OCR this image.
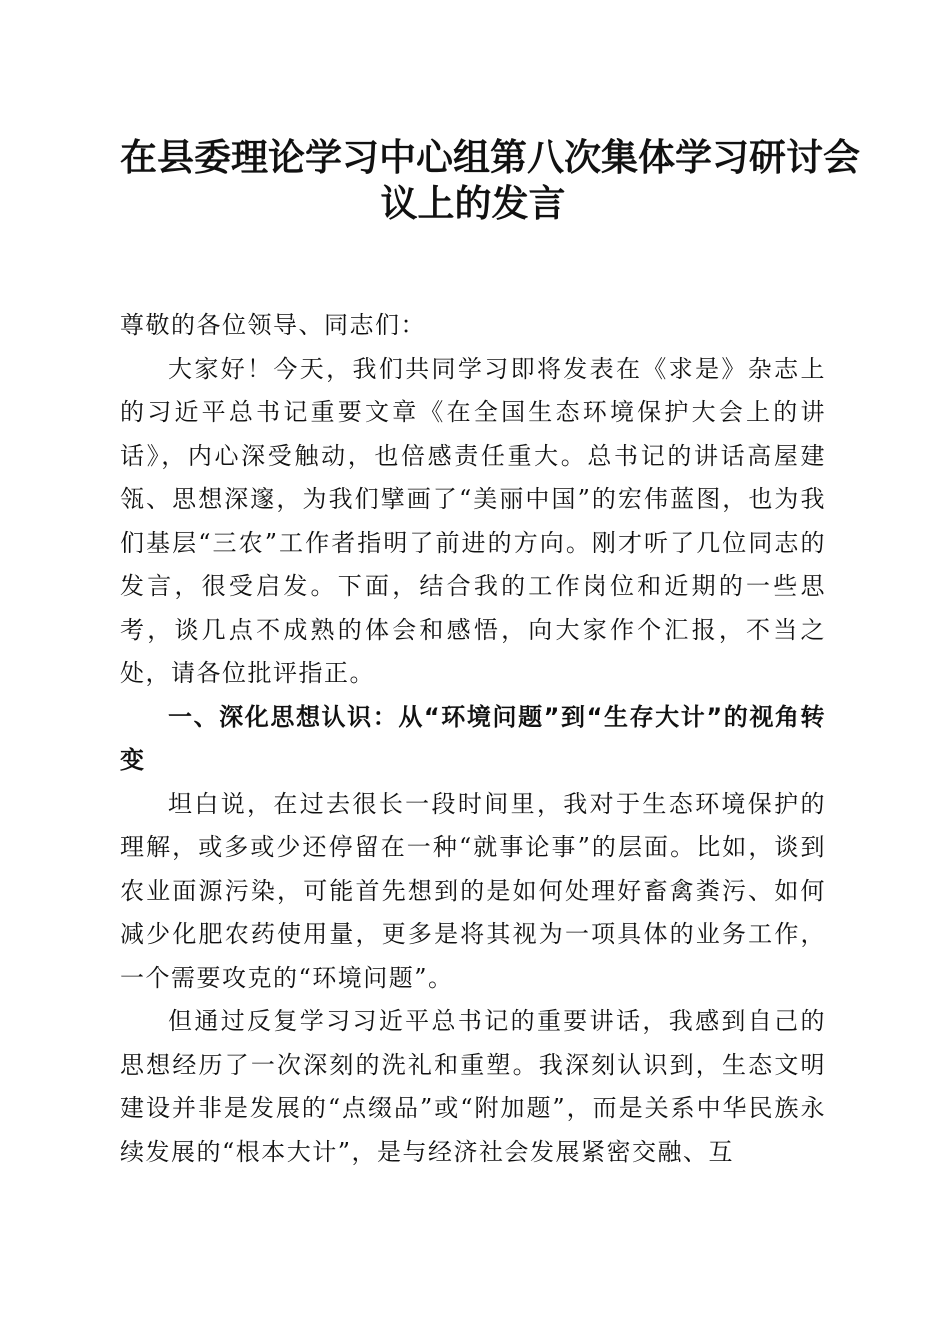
在县委理论学习中心组第八次集体学习研讨会
议上的发言

尊敬的各位领导、同志们：

大家好！今天，我们共同学习即将发表在《求是》杂志上的习近平总书记重要文章《在全国生态环境保护大会上的讲话》，内心深受触动，也倍感责任重大。总书记的讲话高屋建瓴、思想深邃，为我们擘画了“美丽中国”的宏伟蓝图，也为我们基层“三农”工作者指明了前进的方向。刚才听了几位同志的发言，很受启发。下面，结合我的工作岗位和近期的一些思考，谈几点不成熟的体会和感悟，向大家作个汇报，不当之处，请各位批评指正。

一、深化思想认识：从“环境问题”到“生存大计”的视角转变

坦白说，在过去很长一段时间里，我对于生态环境保护的理解，或多或少还停留在一种“就事论事”的层面。比如，谈到农业面源污染，可能首先想到的是如何处理好畜禽粪污、如何减少化肥农药使用量，更多是将其视为一项具体的业务工作，一个需要攻克的“环境问题”。

但通过反复学习习近平总书记的重要讲话，我感到自己的思想经历了一次深刻的洗礼和重塑。我深刻认识到，生态文明建设并非是发展的“点缀品”或“附加题”，而是关系中华民族永续发展的“根本大计”，是与经济社会发展紧密交融、互
